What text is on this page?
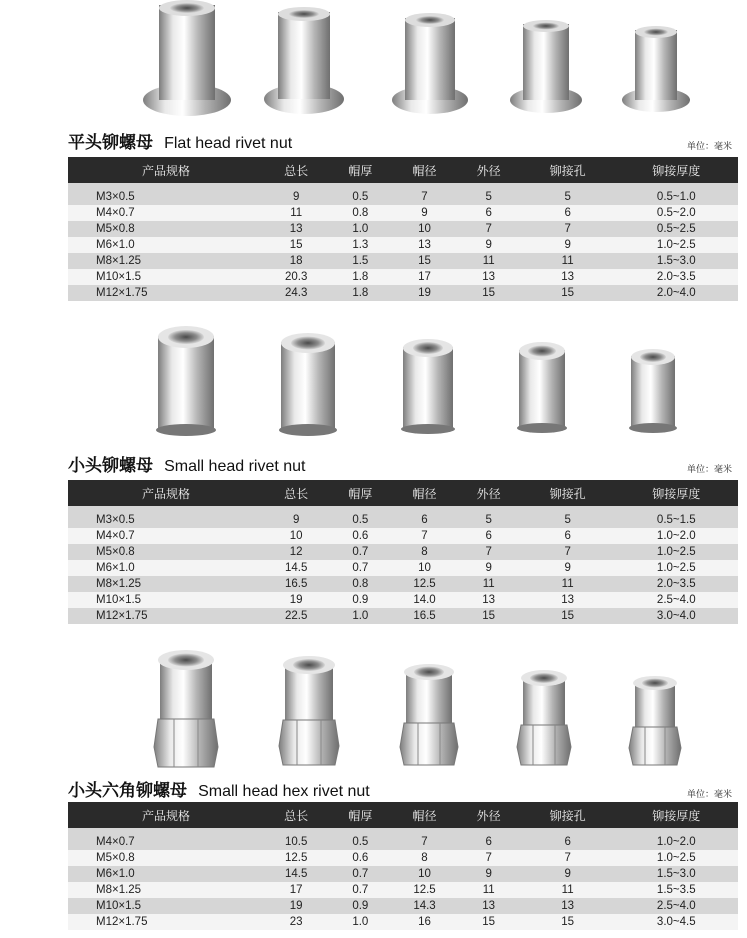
平头铆螺母 Flat head rivet nut	单位：毫米
产品规格	总长	帽厚	帽径	外径	铆接孔	铆接厚度
M3×0.5	9	0.5	7	5	5	0.5~1.0
M4×0.7	11	0.8	9	6	6	0.5~2.0
M5×0.8	13	1.0	10	7	7	0.5~2.5
M6×1.0	15	1.3	13	9	9	1.0~2.5
M8×1.25	18	1.5	15	11	11	1.5~3.0
M10×1.5	20.3	1.8	17	13	13	2.0~3.5
M12×1.75	24.3	1.8	19	15	15	2.0~4.0
小头铆螺母 Small head rivet nut	单位：毫米
产品规格	总长	帽厚	帽径	外径	铆接孔	铆接厚度
M3×0.5	9	0.5	6	5	5	0.5~1.5
M4×0.7	10	0.6	7	6	6	1.0~2.0
M5×0.8	12	0.7	8	7	7	1.0~2.5
M6×1.0	14.5	0.7	10	9	9	1.0~2.5
M8×1.25	16.5	0.8	12.5	11	11	2.0~3.5
M10×1.5	19	0.9	14.0	13	13	2.5~4.0
M12×1.75	22.5	1.0	16.5	15	15	3.0~4.0
小头六角铆螺母 Small head hex rivet nut	单位：毫米
产品规格	总长	帽厚	帽径	外径	铆接孔	铆接厚度
M4×0.7	10.5	0.5	7	6	6	1.0~2.0
M5×0.8	12.5	0.6	8	7	7	1.0~2.5
M6×1.0	14.5	0.7	10	9	9	1.5~3.0
M8×1.25	17	0.7	12.5	11	11	1.5~3.5
M10×1.5	19	0.9	14.3	13	13	2.5~4.0
M12×1.75	23	1.0	16	15	15	3.0~4.5
